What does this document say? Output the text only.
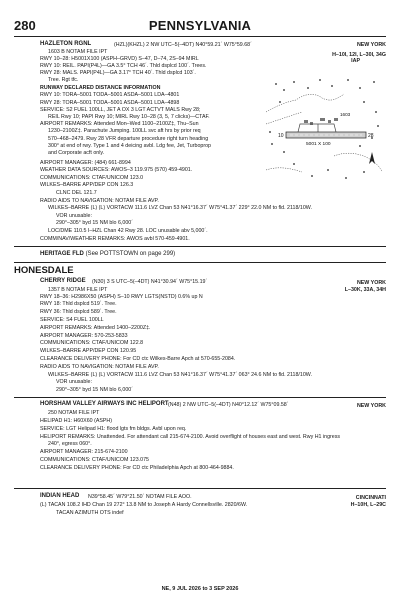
280	PENNSYLVANIA
HAZLETON RGNL	(HZL)(KHZL) 2 NW UTC–5(–4DT) N40°59.21´ W75°59.68´	NEW YORK
H–10I, 12I, L–30I, 34G
IAP
1603 B NOTAM FILE IPT
RWY 10–28: H5001X100 (ASPH–GRVD) S–47, D–74, 2S–94 MIRL
RWY 10: REIL. PAPI(P4L)—GA 3.5° TCH 46´. Thld dsplcd 100´. Trees.
RWY 28: MALS. PAPI(P4L)—GA 3.17° TCH 40´. Thld dsplcd 103´.
Tree. Rgt tfc.
RUNWAY DECLARED DISTANCE INFORMATION
RWY 10: TORA–5001 TODA–5001 ASDA–5001 LDA–4801
RWY 28: TORA–5001 TODA–5001 ASDA–5001 LDA–4898
SERVICE: S2 FUEL 100LL, JET A OX 3 LGT ACTVT MALS Rwy 28;
REIL Rwy 10; PAPI Rwy 10; MIRL Rwy 10–28 (3, 5, 7 clicks)—CTAF.
AIRPORT REMARKS: Attended Mon–Wed 1100–2100Z‡, Thu–Sun
1230–2100Z‡. Parachute Jumping. 100LL svc aft hrs by prior req
570–468–2479. Rwy 28 VFR departure procedure right turn heading
300° at end of rwy. Type 1 and 4 deicing avbl. Ldg fee, Jet, Turboprop
and Corporate acft only.
AIRPORT MANAGER: (484) 661-8994
WEATHER DATA SOURCES: AWOS–3 119.975 (570) 459-4901.
COMMUNICATIONS: CTAF/UNICOM 123.0
WILKES–BARRE APP/DEP CON 126.3
CLNC DEL 121.7
RADIO AIDS TO NAVIGATION: NOTAM FILE AVP.
WILKES–BARRE (L) (L) VORTACW 111.6 LVZ Chan 53 N41°16.37´ W75°41.37´ 229° 22.0 NM to fld. 2118/10W.
VOR unusable:
290°–305° byd 15 NM blo 6,000´
LOC/DME 110.5 I–HZL Chan 42 Rwy 28. LOC unusable abv 5,000´.
COMM/NAV/WEATHER REMARKS: AWOS avbl 570-459-4901.
10	28
5001 X 100
1603
HERITAGE FLD (See POTTSTOWN on page 299)
HONESDALE
CHERRY RIDGE (N30) 3 S UTC–5(–4DT) N41°30.94´ W75°15.19´	NEW YORK
L–30K, 33A, 34H
1357 B NOTAM FILE IPT
RWY 18–36: H2986X50 (ASPH) S–10 RWY LGTS(NSTD) 0.6% up N
RWY 18: Thld dsplcd 519´. Tree.
RWY 36: Thld dsplcd 589´. Tree.
SERVICE: S4 FUEL 100LL
AIRPORT REMARKS: Attended 1400–2200Z‡.
AIRPORT MANAGER: 570-253-5833
COMMUNICATIONS: CTAF/UNICOM 122.8
WILKES–BARRE APP/DEP CON 120.95
CLEARANCE DELIVERY PHONE: For CD ctc Wilkes-Barre Apch at 570-655-2084.
RADIO AIDS TO NAVIGATION: NOTAM FILE AVP.
WILKES–BARRE (L) (L) VORTACW 111.6 LVZ Chan 53 N41°16.37´ W75°41.37´ 063° 24.6 NM to fld. 2118/10W.
VOR unusable:
290°–305° byd 15 NM blo 6,000´
HORSHAM VALLEY AIRWAYS INC HELIPORT (N48) 2 NW UTC–5(–4DT) N40°12.12´ W75°09.58´	NEW YORK
250 NOTAM FILE IPT
HELIPAD H1: H60X60 (ASPH)
SERVICE: LGT Helipad H1: flood lgts fm bldgs. Avbl upon req.
HELIPORT REMARKS: Unattended. For attendant call 215-674-2100. Avoid overflight of houses east and west. Rwy H1 ingress
240°, egress 060°.
AIRPORT MANAGER: 215-674-2100
COMMUNICATIONS: CTAF/UNICOM 123.075
CLEARANCE DELIVERY PHONE: For CD ctc Philadelphia Apch at 800-464-9884.
INDIAN HEAD N39°58.45´ W79°21.50´ NOTAM FILE AOO.	CINCINNATI
H–10H, L–29C
(L) TACAN 108.2 IHD Chan 19 272° 13.8 NM to Joseph A Hardy Connellsville. 2820/6W.
TACAN AZIMUTH OTS indef
NE, 9 JUL 2026 to 3 SEP 2026
